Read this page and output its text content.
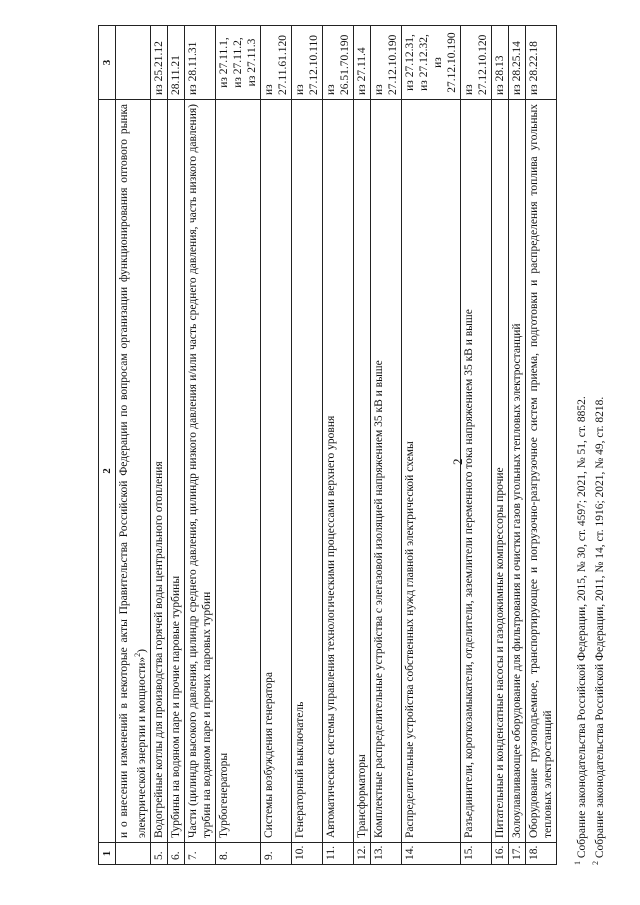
2
1	2	3
	и о внесении изменений в некоторые акты Правительства Российской Федерации по вопросам организации функционирования оптового рынка электрической энергии и мощности»$^2$)	
5.	Водогрейные котлы для производства горячей воды центрального отопления	из 25.21.12

6.	Турбины на водяном паре и прочие паровые турбины	28.11.21

7.	Части (цилиндр высокого давления, цилиндр среднего давления, цилиндр низкого давления и/или часть среднего давления, часть низкого давления) турбин на водяном паре и прочих паровых турбин	из 28.11.31

8.	Турбогенераторы	из 27.11.1, из 27.11.2, из 27.11.3

9.	Системы возбуждения генератора	из 27.11.61.120

10.	Генераторный выключатель	из 27.12.10.110

11.	Автоматические системы управления технологическими процессами верхнего уровня	из 26.51.70.190

12.	Трансформаторы	из 27.11.4

13.	Комплектные распределительные устройства с элегазовой изоляцией напряжением 35 кВ и выше	из 27.12.10.190

14.	Распределительные устройства собственных нужд главной электрической схемы	из 27.12.31, из 27.12.32, из 27.12.10.190

15.	Разъединители, короткозамыкатели, отделители, заземлители переменного тока напряжением 35 кВ и выше	из 27.12.10.120

16.	Питательные и конденсатные насосы и газодожимные компрессоры прочие	из 28.13

17.	Золоулавливающее оборудование для фильтрования и очистки газов угольных тепловых электростанций	из 28.25.14

18.	Оборудование грузоподъемное, транспортирующее и погрузочно-разгрузочное систем приема, подготовки и распределения топлива угольных тепловых электростанций	из 28.22.18
$^1$ Собрание законодательства Российской Федерации, 2015, № 30, ст. 4597; 2021, № 51, ст. 8852.
$^2$ Собрание законодательства Российской Федерации, 2011, № 14, ст. 1916; 2021, № 49, ст. 8218.
